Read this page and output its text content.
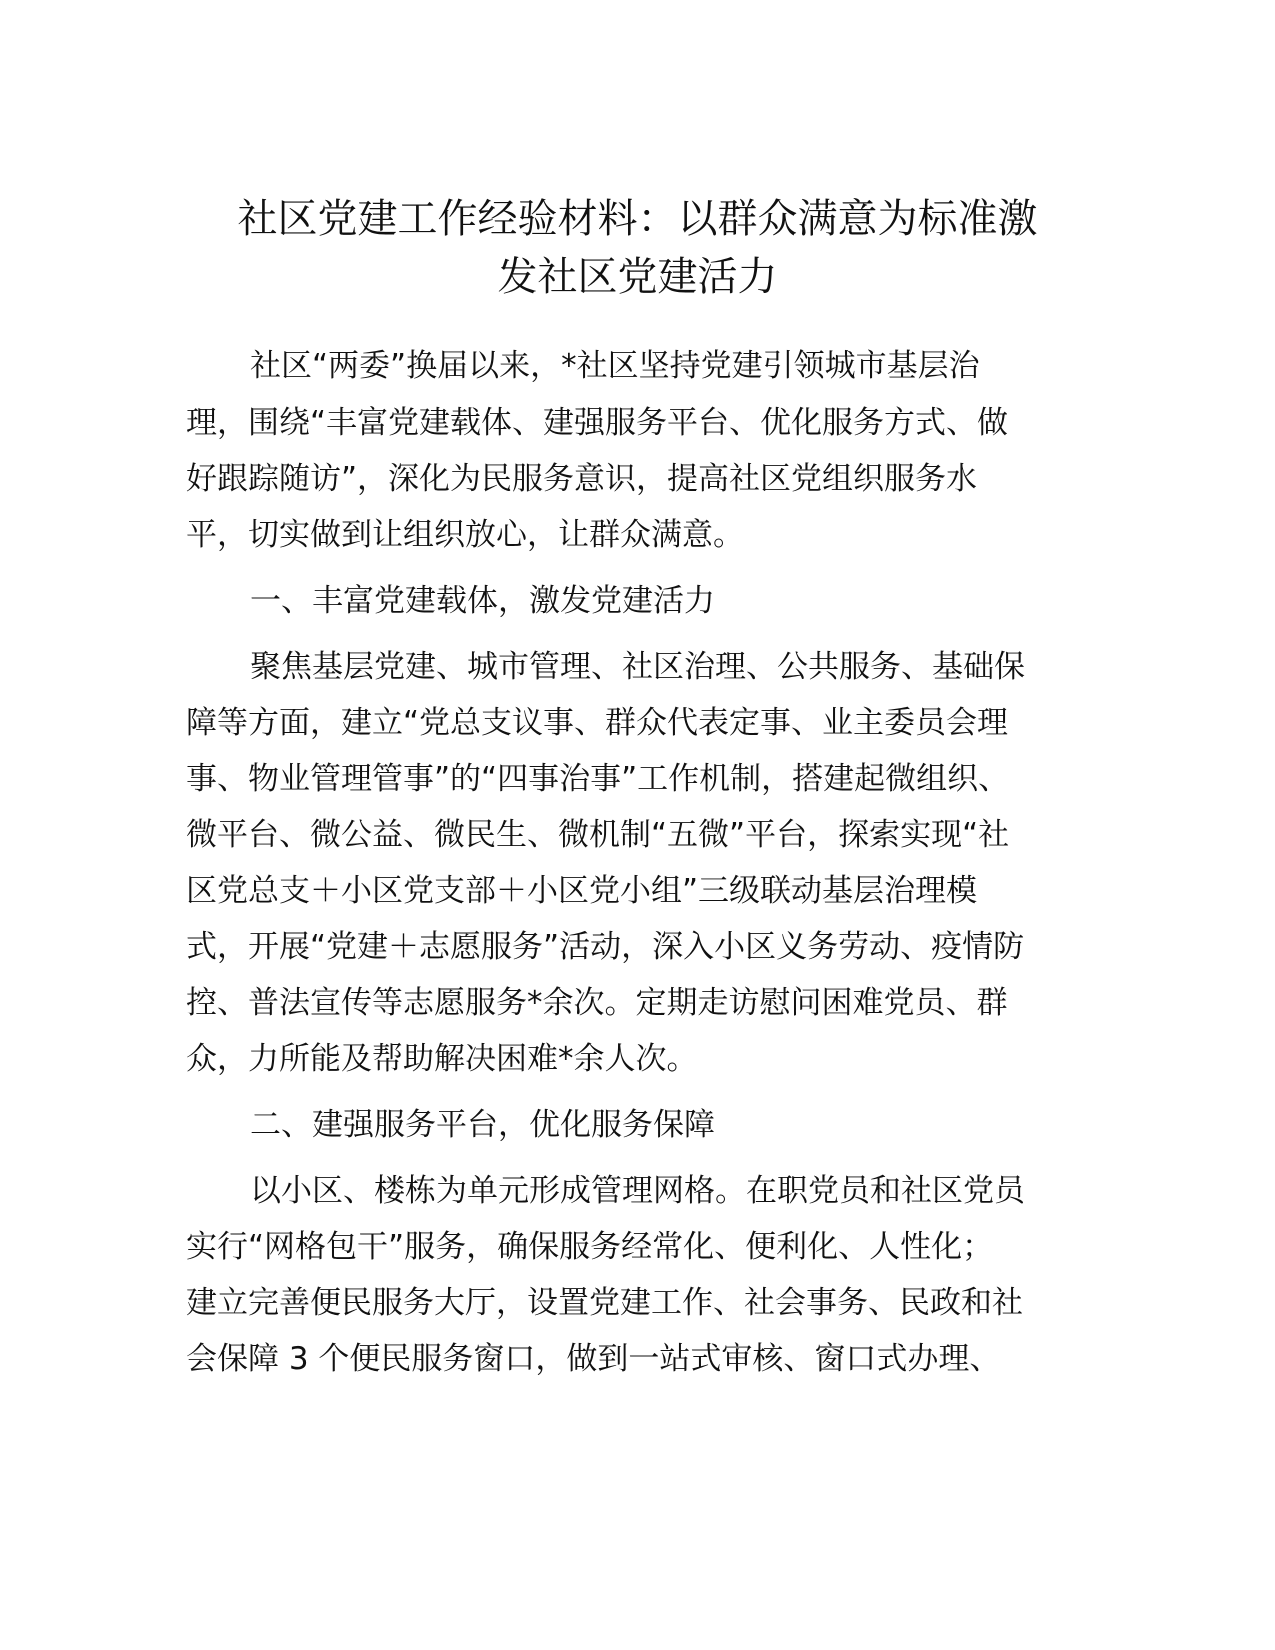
社区党建工作经验材料：以群众满意为标准激
发社区党建活力

社区“两委”换届以来，*社区坚持党建引领城市基层治

理，围绕“丰富党建载体、建强服务平台、优化服务方式、做

好跟踪随访”，深化为民服务意识，提高社区党组织服务水

平，切实做到让组织放心，让群众满意。

一、丰富党建载体，激发党建活力

聚焦基层党建、城市管理、社区治理、公共服务、基础保

障等方面，建立“党总支议事、群众代表定事、业主委员会理

事、物业管理管事”的“四事治事”工作机制，搭建起微组织、

微平台、微公益、微民生、微机制“五微”平台，探索实现“社

区党总支＋小区党支部＋小区党小组”三级联动基层治理模

式，开展“党建＋志愿服务”活动，深入小区义务劳动、疫情防

控、普法宣传等志愿服务*余次。定期走访慰问困难党员、群

众，力所能及帮助解决困难*余人次。

二、建强服务平台，优化服务保障

以小区、楼栋为单元形成管理网格。在职党员和社区党员

实行“网格包干”服务，确保服务经常化、便利化、人性化；

建立完善便民服务大厅，设置党建工作、社会事务、民政和社

会保障 3 个便民服务窗口，做到一站式审核、窗口式办理、
